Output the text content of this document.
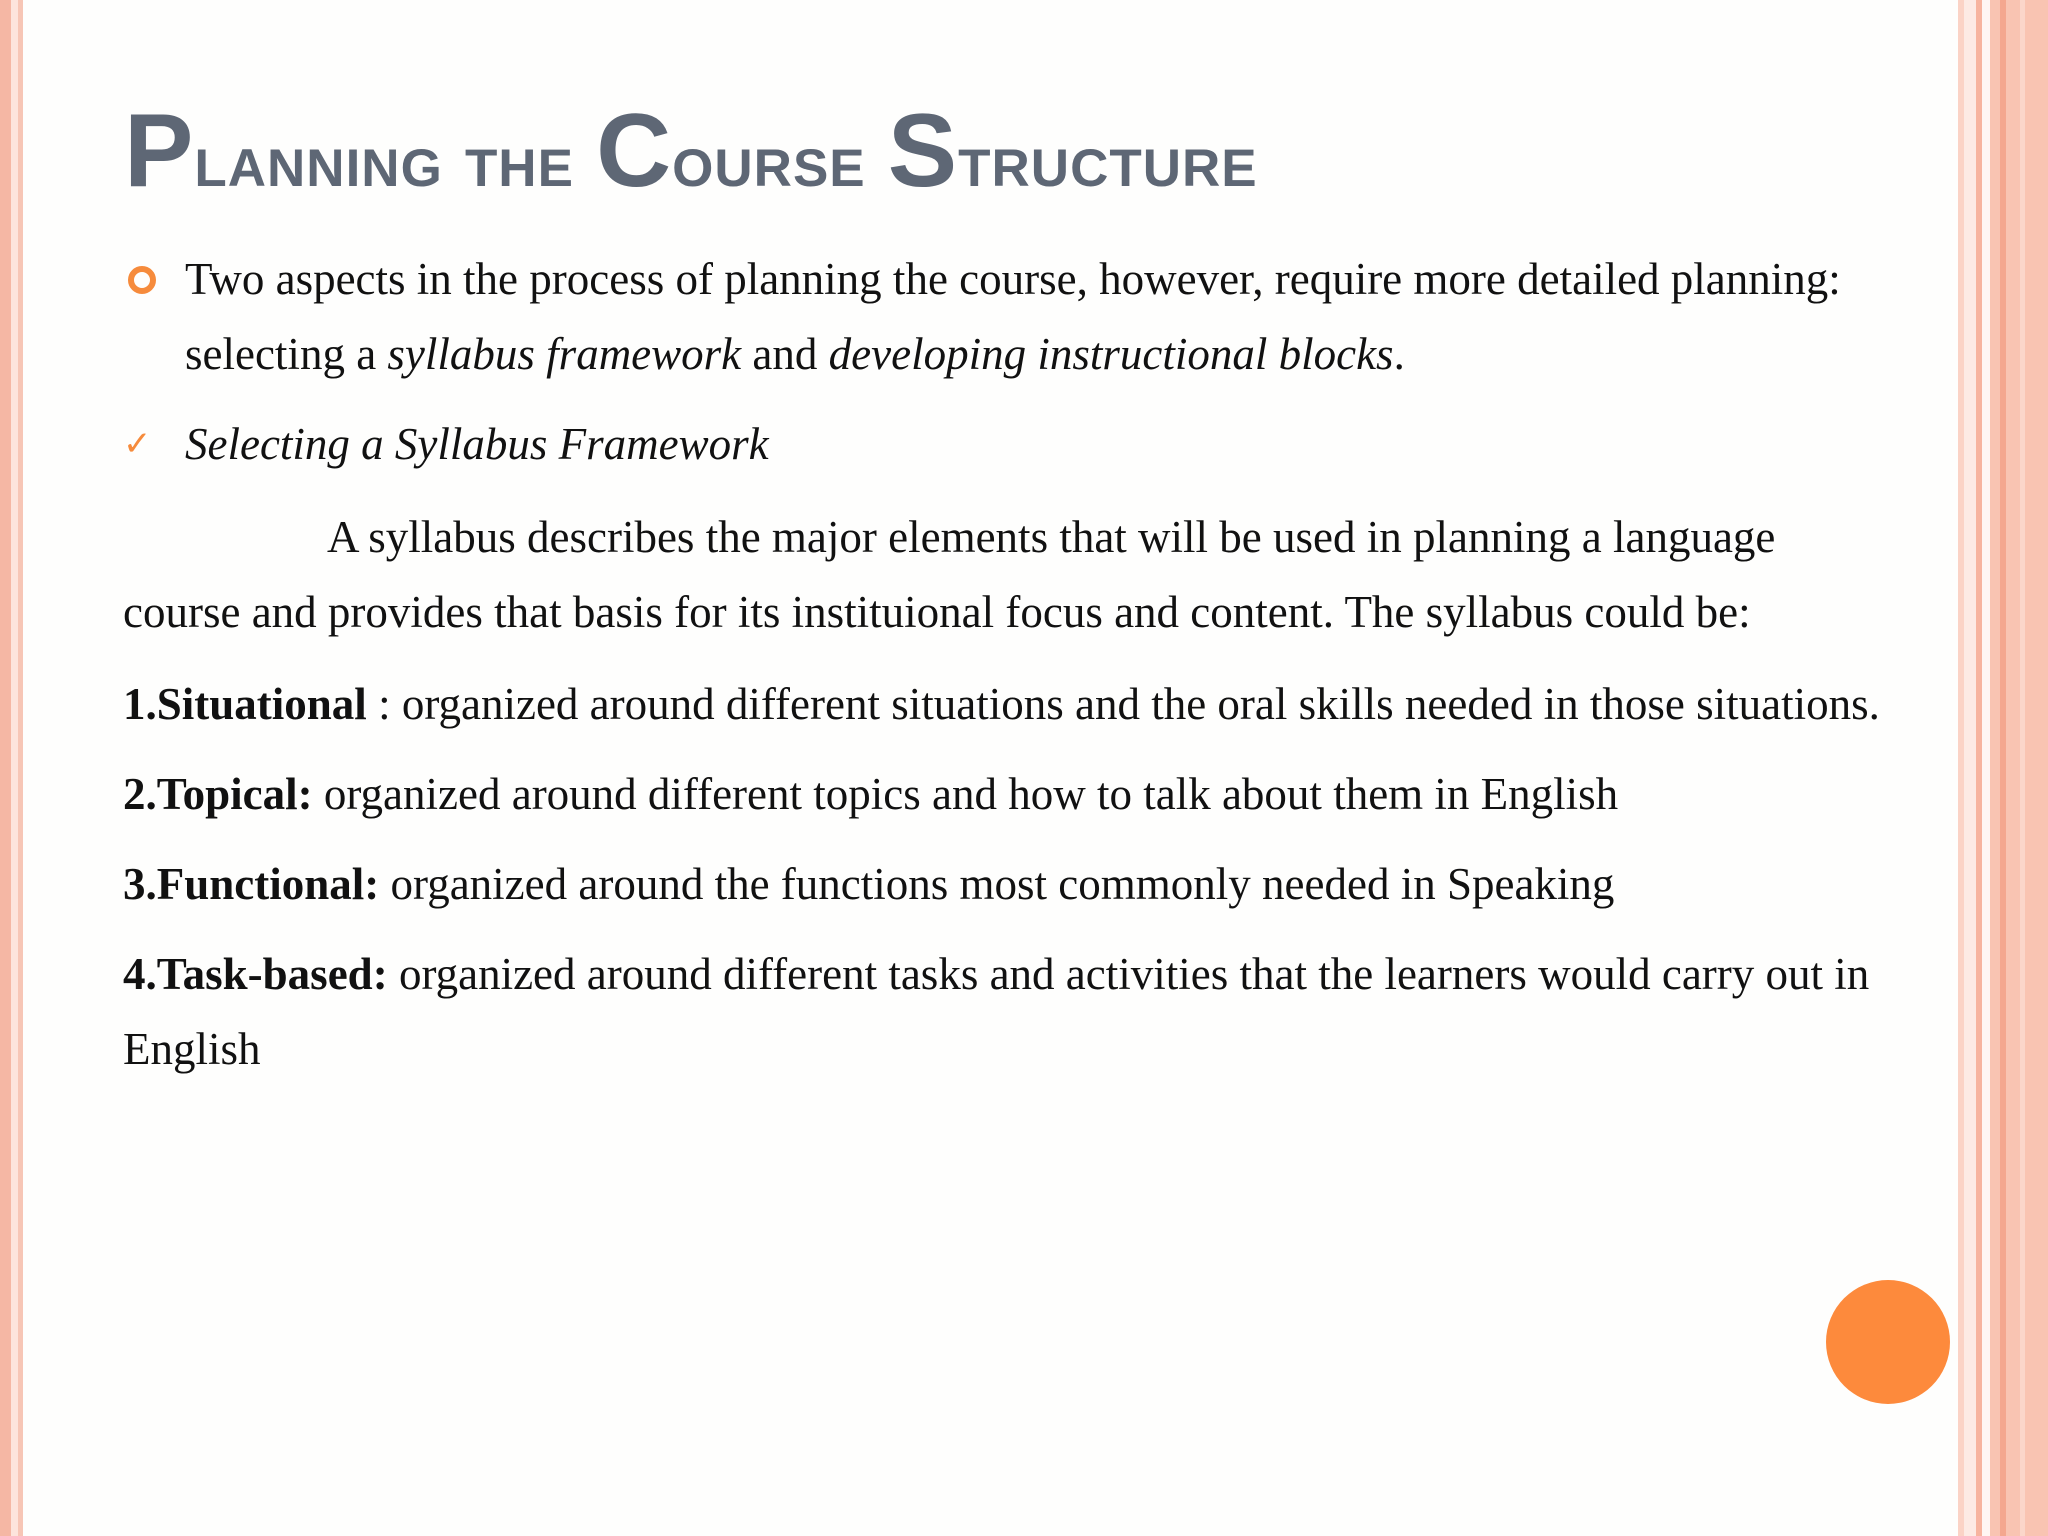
Planning the Course Structure

Two aspects in the process of planning the course, however, require more detailed planning: selecting a syllabus framework and developing instructional blocks.

✓ Selecting a Syllabus Framework

A syllabus describes the major elements that will be used in planning a language course and provides that basis for its instituional focus and content. The syllabus could be:

1.Situational : organized around different situations and the oral skills needed in those situations.

2.Topical: organized around different topics and how to talk about them in English

3.Functional: organized around the functions most commonly needed in Speaking

4.Task-based: organized around different tasks and activities that the learners would carry out in English
